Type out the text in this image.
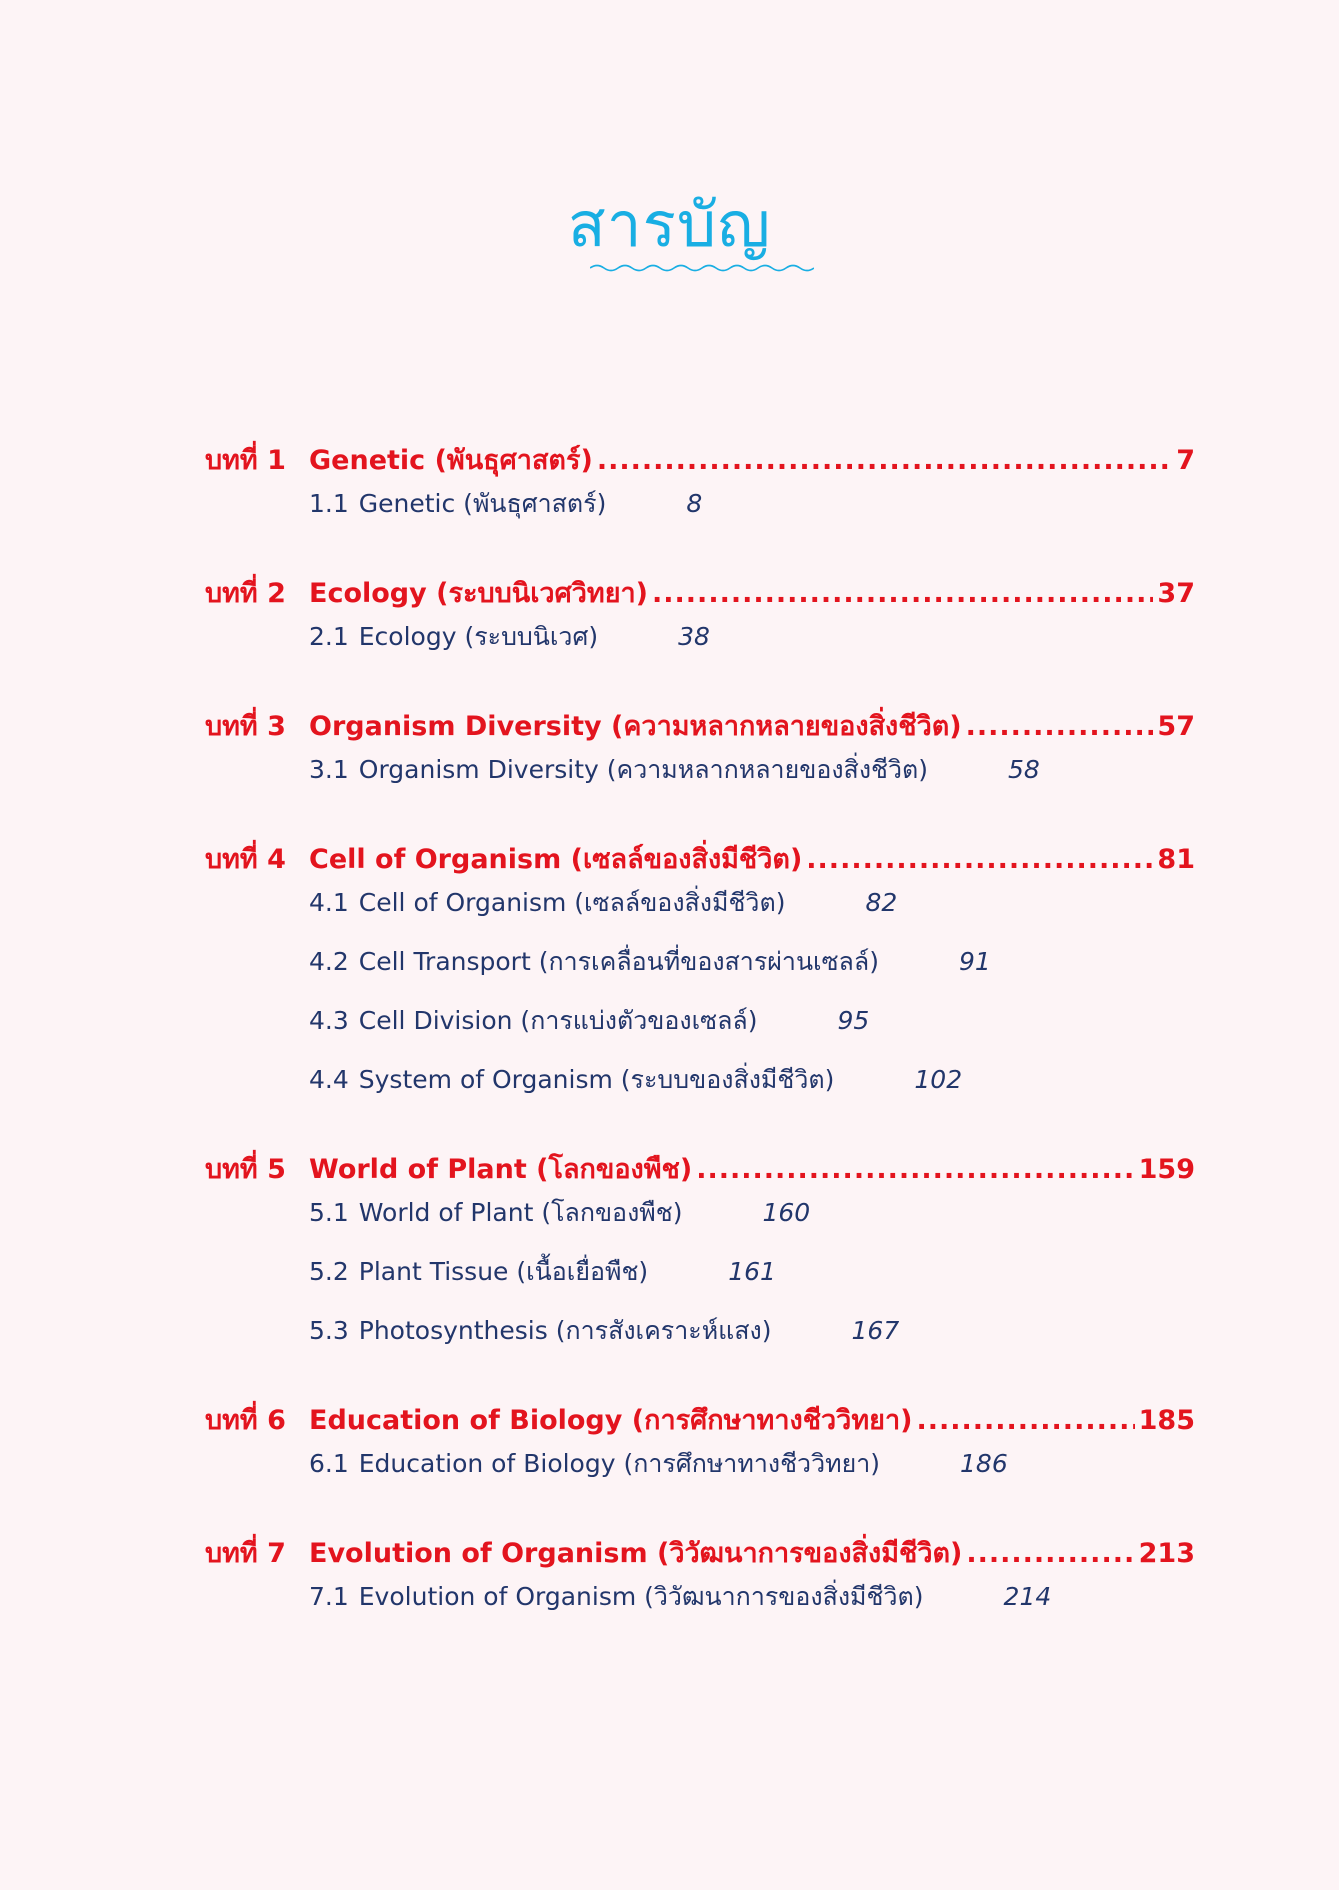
สารบัญ
บทที่ 1 Genetic (พันธุศาสตร์) .....	7
1.1 Genetic (พันธุศาสตร์)	8
บทที่ 2 Ecology (ระบบนิเวศวิทยา) .....	37
2.1 Ecology (ระบบนิเวศ)	38
บทที่ 3 Organism Diversity (ความหลากหลายของสิ่งชีวิต) .....	57
3.1 Organism Diversity (ความหลากหลายของสิ่งชีวิต)	58
บทที่ 4 Cell of Organism (เซลล์ของสิ่งมีชีวิต) .....	81
4.1 Cell of Organism (เซลล์ของสิ่งมีชีวิต)	82
4.2 Cell Transport (การเคลื่อนที่ของสารผ่านเซลล์)	91
4.3 Cell Division (การแบ่งตัวของเซลล์)	95
4.4 System of Organism (ระบบของสิ่งมีชีวิต)	102
บทที่ 5 World of Plant (โลกของพืช) .....	159
5.1 World of Plant (โลกของพืช)	160
5.2 Plant Tissue (เนื้อเยื่อพืช)	161
5.3 Photosynthesis (การสังเคราะห์แสง)	167
บทที่ 6 Education of Biology (การศึกษาทางชีววิทยา) .....	185
6.1 Education of Biology (การศึกษาทางชีววิทยา)	186
บทที่ 7 Evolution of Organism (วิวัฒนาการของสิ่งมีชีวิต) .....	213
7.1 Evolution of Organism (วิวัฒนาการของสิ่งมีชีวิต)	214
